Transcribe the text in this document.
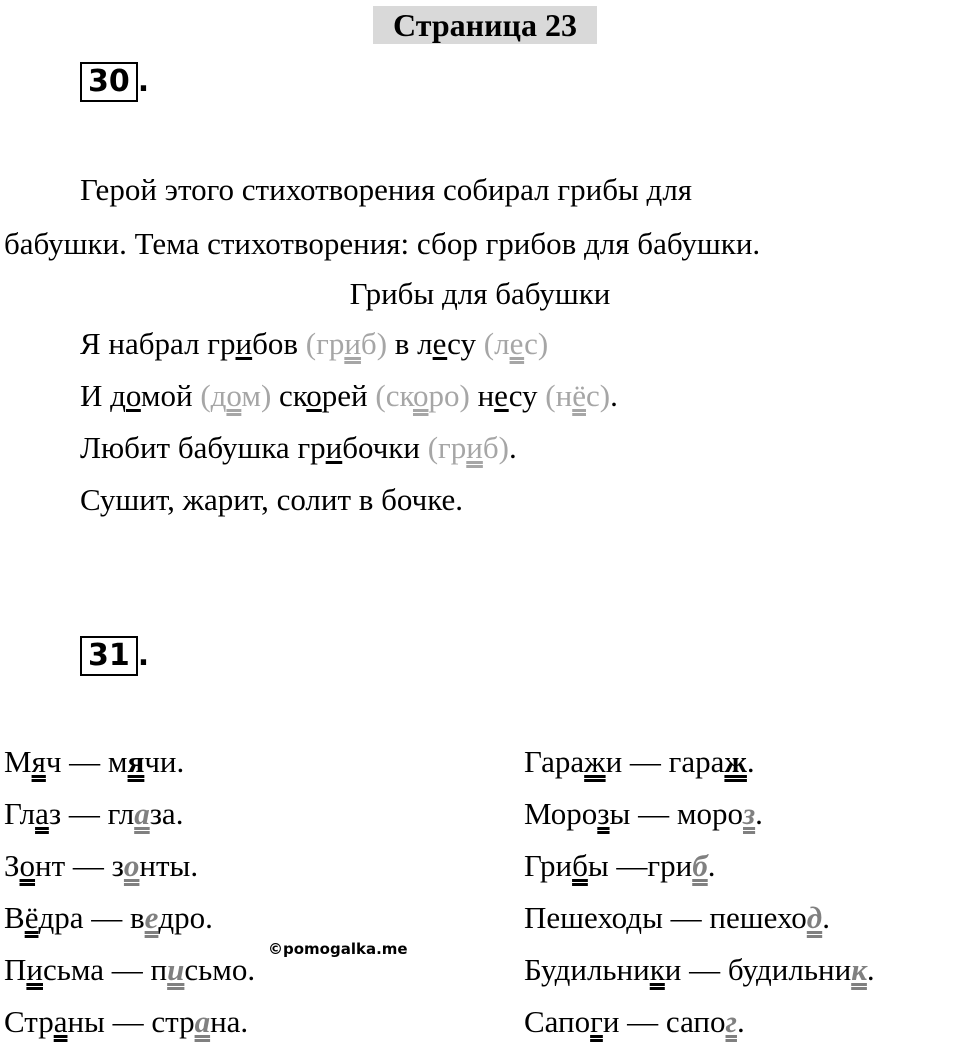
Страница 23
30 .
Герой этого стихотворения собирал грибы для
бабушки. Тема стихотворения: сбор грибов для бабушки.
Грибы для бабушки
Я набрал грибов (гриб) в лесу (лес)
И домой (дом) скорей (скоро) несу (нёс).
Любит бабушка грибочки (гриб).
Сушит, жарит, солит в бочке.
31 .
Мяч — мячи.
Глаз — глаза.
Зонт — зонты.
Вёдра — ведро.
Письма — письмо.
Страны — страна.
Гаражи — гараж.
Морозы — мороз.
Грибы —гриб.
Пешеходы — пешеход.
Будильники — будильник.
Сапоги — сапог.
©pomogalka.me
